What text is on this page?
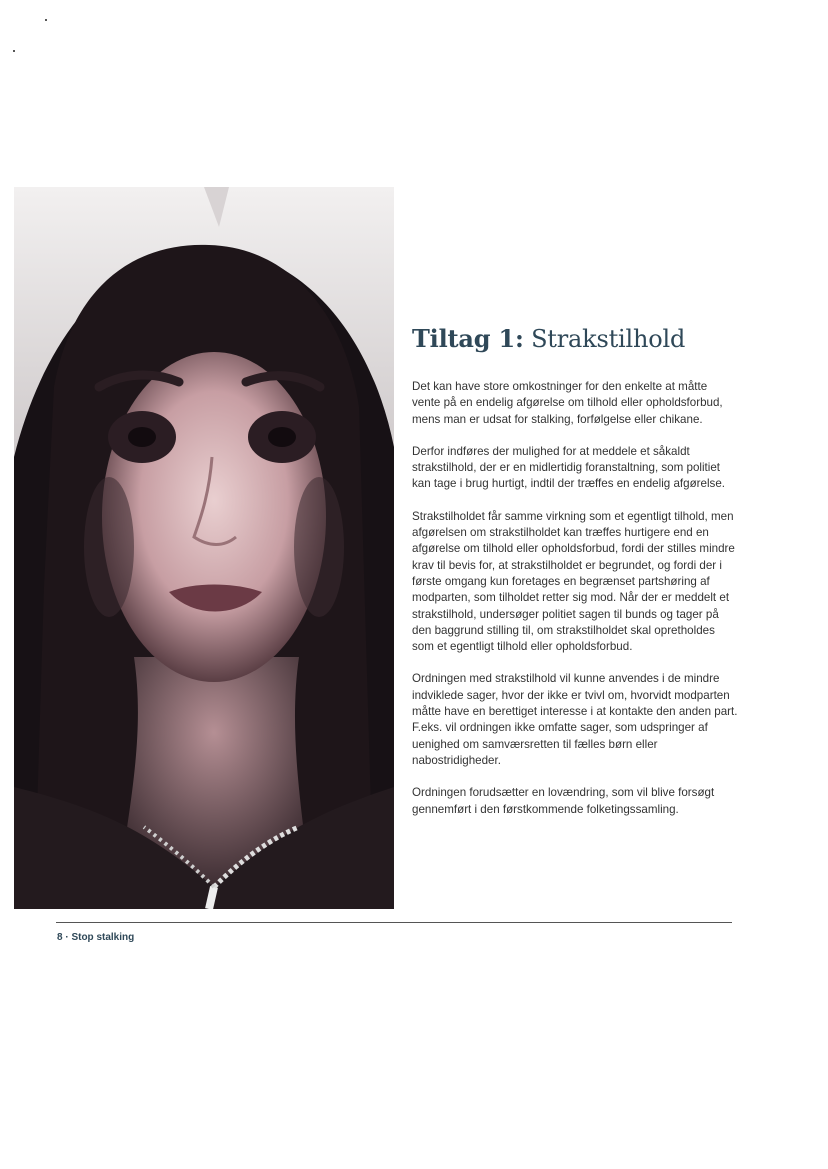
Tiltag 1: Strakstilhold

Det kan have store omkostninger for den enkelte at måtte vente på en endelig afgørelse om tilhold eller opholdsforbud, mens man er udsat for stalking, forfølgelse eller chikane.

Derfor indføres der mulighed for at meddele et såkaldt strakstilhold, der er en midlertidig foranstaltning, som politiet kan tage i brug hurtigt, indtil der træffes en endelig afgørelse.

Strakstilholdet får samme virkning som et egentligt tilhold, men afgørelsen om strakstilholdet kan træffes hurtigere end en afgørelse om tilhold eller opholdsforbud, fordi der stilles mindre krav til bevis for, at strakstilholdet er begrundet, og fordi der i første omgang kun foretages en begrænset partshøring af modparten, som tilholdet retter sig mod. Når der er meddelt et strakstilhold, undersøger politiet sagen til bunds og tager på den baggrund stilling til, om strakstilholdet skal opretholdes som et egentligt tilhold eller opholdsforbud.

Ordningen med strakstilhold vil kunne anvendes i de mindre indviklede sager, hvor der ikke er tvivl om, hvorvidt modparten måtte have en berettiget interesse i at kontakte den anden part. F.eks. vil ordningen ikke omfatte sager, som udspringer af uenighed om samværsretten til fælles børn eller nabostridigheder.

Ordningen forudsætter en lovændring, som vil blive forsøgt gennemført i den førstkommende folketingssamling.

8 · Stop stalking
